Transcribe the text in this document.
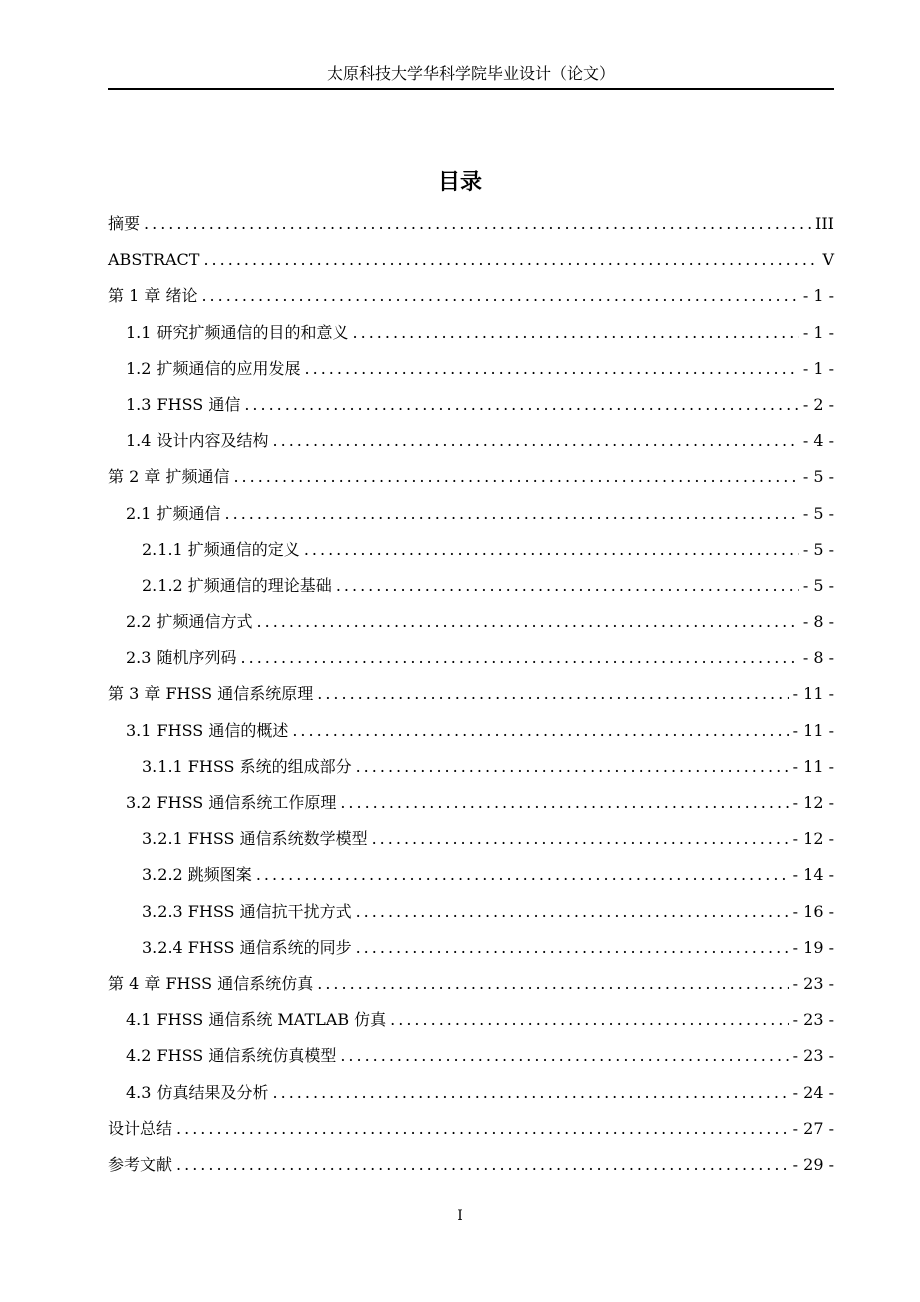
太原科技大学华科学院毕业设计（论文）
目录
摘要 .....	III
ABSTRACT .....	V
第 1 章 绪论 .....	- 1 -
1.1 研究扩频通信的目的和意义 .....	- 1 -
1.2 扩频通信的应用发展 .....	- 1 -
1.3 FHSS 通信 .....	- 2 -
1.4 设计内容及结构 .....	- 4 -
第 2 章 扩频通信 .....	- 5 -
2.1 扩频通信 .....	- 5 -
2.1.1 扩频通信的定义 .....	- 5 -
2.1.2 扩频通信的理论基础 .....	- 5 -
2.2 扩频通信方式 .....	- 8 -
2.3 随机序列码 .....	- 8 -
第 3 章 FHSS 通信系统原理 .....	- 11 -
3.1 FHSS 通信的概述 .....	- 11 -
3.1.1 FHSS 系统的组成部分 .....	- 11 -
3.2 FHSS 通信系统工作原理 .....	- 12 -
3.2.1 FHSS 通信系统数学模型 .....	- 12 -
3.2.2 跳频图案 .....	- 14 -
3.2.3 FHSS 通信抗干扰方式 .....	- 16 -
3.2.4 FHSS 通信系统的同步 .....	- 19 -
第 4 章 FHSS 通信系统仿真 .....	- 23 -
4.1 FHSS 通信系统 MATLAB 仿真 .....	- 23 -
4.2 FHSS 通信系统仿真模型 .....	- 23 -
4.3 仿真结果及分析 .....	- 24 -
设计总结 .....	- 27 -
参考文献 .....	- 29 -
I
